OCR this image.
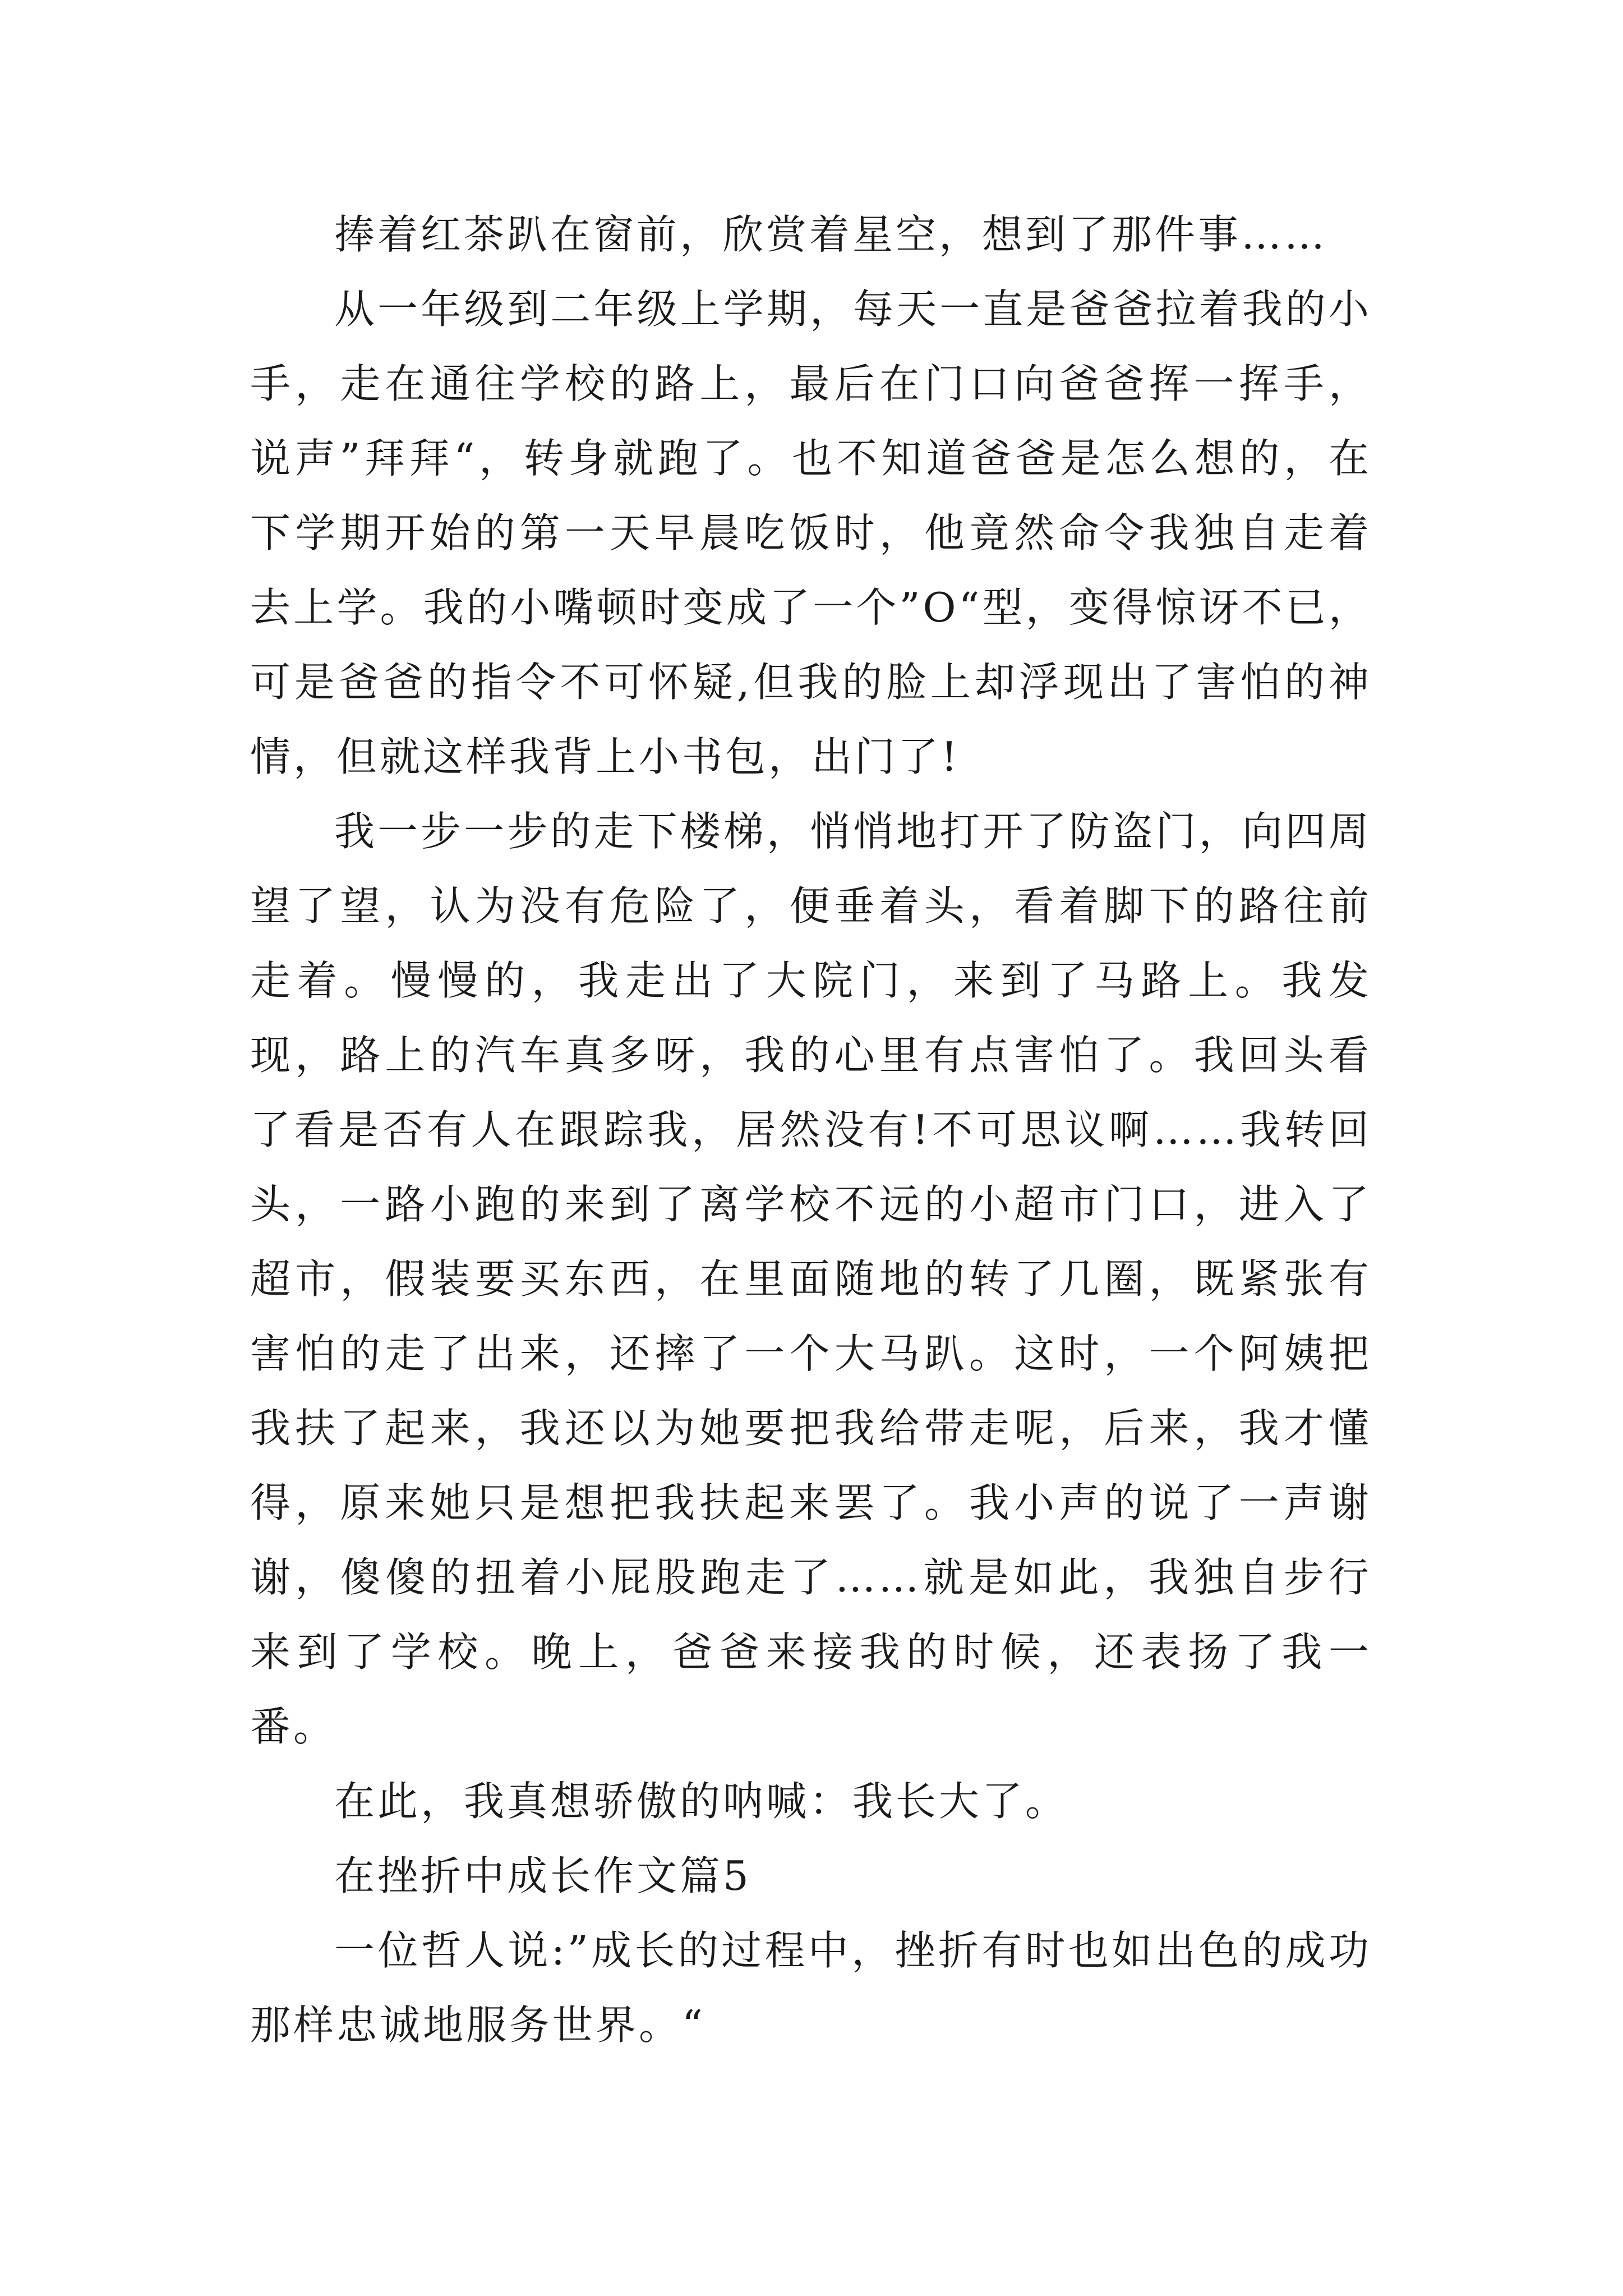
捧着红茶趴在窗前，欣赏着星空，想到了那件事……

从一年级到二年级上学期，每天一直是爸爸拉着我的小手，走在通往学校的路上，最后在门口向爸爸挥一挥手，说声”拜拜“，转身就跑了。也不知道爸爸是怎么想的，在下学期开始的第一天早晨吃饭时，他竟然命令我独自走着去上学。我的小嘴顿时变成了一个”O“型，变得惊讶不已，可是爸爸的指令不可怀疑,但我的脸上却浮现出了害怕的神情，但就这样我背上小书包，出门了!

我一步一步的走下楼梯，悄悄地打开了防盗门，向四周望了望，认为没有危险了，便垂着头，看着脚下的路往前走着。慢慢的，我走出了大院门，来到了马路上。我发现，路上的汽车真多呀，我的心里有点害怕了。我回头看了看是否有人在跟踪我，居然没有!不可思议啊……我转回头，一路小跑的来到了离学校不远的小超市门口，进入了超市，假装要买东西，在里面随地的转了几圈，既紧张有害怕的走了出来，还摔了一个大马趴。这时，一个阿姨把我扶了起来，我还以为她要把我给带走呢，后来，我才懂得，原来她只是想把我扶起来罢了。我小声的说了一声谢谢，傻傻的扭着小屁股跑走了……就是如此，我独自步行来到了学校。晚上，爸爸来接我的时候，还表扬了我一番。

在此，我真想骄傲的呐喊：我长大了。

在挫折中成长作文篇5

一位哲人说:”成长的过程中，挫折有时也如出色的成功那样忠诚地服务世界。“
